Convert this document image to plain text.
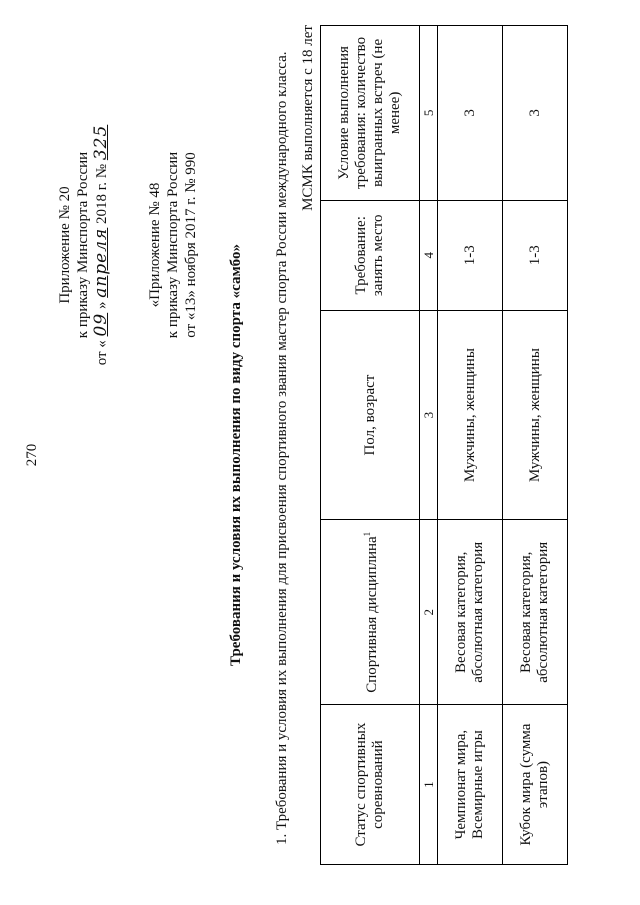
270
Приложение № 20 к приказу Минспорта России
от « 09 » апреля 2018 г. № 325
«Приложение № 48 к приказу Минспорта России от «13» ноября 2017 г. № 990 Требования и условия их выполнения по виду спорта «самбо» 1. Требования и условия их выполнения для присвоения спортивного звания мастер спорта России международного класса. МСМК выполняется с 18 лет
Статус спортивных соревнований	Спортивная дисциплина$^1$	Пол, возраст	Требование: занять место	Условие выполнения требования: количество выигранных встреч (не менее)
1	2	3	4	5
Чемпионат мира, Всемирные игры	Весовая категория, абсолютная категория	Мужчины, женщины	1-3	3
Кубок мира (сумма этапов)	Весовая категория, абсолютная категория	Мужчины, женщины	1-3	3
